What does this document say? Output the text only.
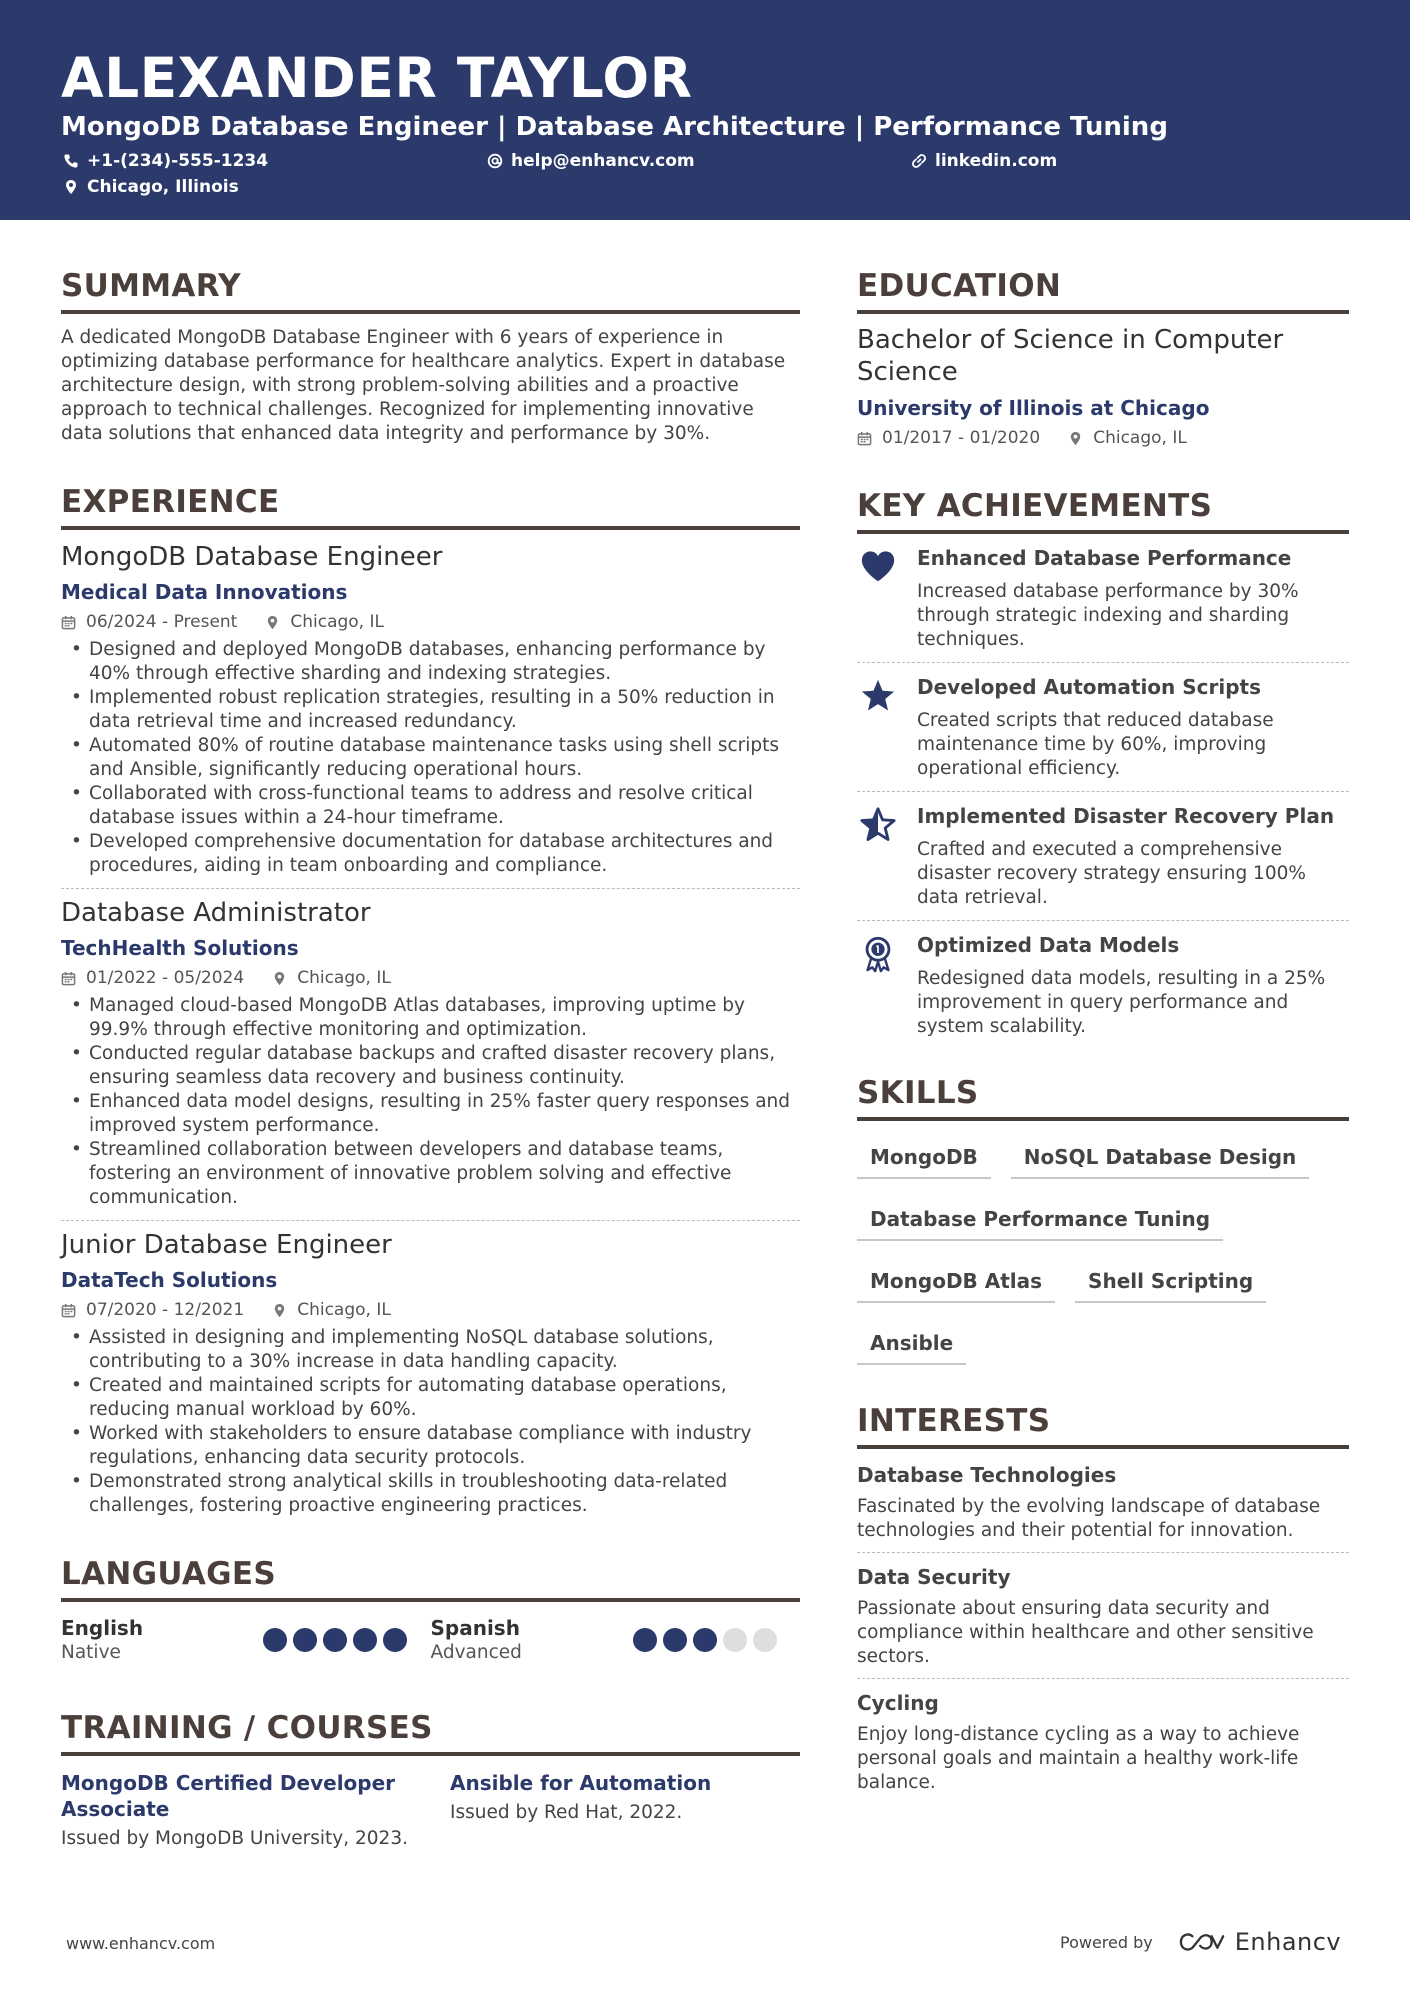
ALEXANDER TAYLOR
MongoDB Database Engineer | Database Architecture | Performance Tuning
+1-(234)-555-1234	help@enhancv.com	linkedin.com
Chicago, Illinois
SUMMARY

A dedicated MongoDB Database Engineer with 6 years of experience in optimizing database performance for healthcare analytics. Expert in database architecture design, with strong problem-solving abilities and a proactive approach to technical challenges. Recognized for implementing innovative data solutions that enhanced data integrity and performance by 30%.

EXPERIENCE
MongoDB Database Engineer
Medical Data Innovations
06/2024 - Present	Chicago, IL
• Designed and deployed MongoDB databases, enhancing performance by 40% through effective sharding and indexing strategies.
• Implemented robust replication strategies, resulting in a 50% reduction in data retrieval time and increased redundancy.
• Automated 80% of routine database maintenance tasks using shell scripts and Ansible, significantly reducing operational hours.
• Collaborated with cross-functional teams to address and resolve critical database issues within a 24-hour timeframe.
• Developed comprehensive documentation for database architectures and procedures, aiding in team onboarding and compliance.
Database Administrator
TechHealth Solutions
01/2022 - 05/2024	Chicago, IL
• Managed cloud-based MongoDB Atlas databases, improving uptime by 99.9% through effective monitoring and optimization.
• Conducted regular database backups and crafted disaster recovery plans, ensuring seamless data recovery and business continuity.
• Enhanced data model designs, resulting in 25% faster query responses and improved system performance.
• Streamlined collaboration between developers and database teams, fostering an environment of innovative problem solving and effective communication.
Junior Database Engineer
DataTech Solutions
07/2020 - 12/2021	Chicago, IL
• Assisted in designing and implementing NoSQL database solutions, contributing to a 30% increase in data handling capacity.
• Created and maintained scripts for automating database operations, reducing manual workload by 60%.
• Worked with stakeholders to ensure database compliance with industry regulations, enhancing data security protocols.
• Demonstrated strong analytical skills in troubleshooting data-related challenges, fostering proactive engineering practices.
LANGUAGES
English
Native
Spanish
Advanced
TRAINING / COURSES
MongoDB Certified Developer Associate
Issued by MongoDB University, 2023.
Ansible for Automation
Issued by Red Hat, 2022.
EDUCATION
Bachelor of Science in Computer Science
University of Illinois at Chicago
01/2017 - 01/2020	Chicago, IL
KEY ACHIEVEMENTS
Enhanced Database Performance
Increased database performance by 30% through strategic indexing and sharding techniques.
Developed Automation Scripts
Created scripts that reduced database maintenance time by 60%, improving operational efficiency.
Implemented Disaster Recovery Plan
Crafted and executed a comprehensive disaster recovery strategy ensuring 100% data retrieval.
Optimized Data Models
Redesigned data models, resulting in a 25% improvement in query performance and system scalability.
SKILLS
MongoDB	NoSQL Database Design
Database Performance Tuning
MongoDB Atlas	Shell Scripting
Ansible
INTERESTS
Database Technologies
Fascinated by the evolving landscape of database technologies and their potential for innovation.
Data Security
Passionate about ensuring data security and compliance within healthcare and other sensitive sectors.
Cycling
Enjoy long-distance cycling as a way to achieve personal goals and maintain a healthy work-life balance.
www.enhancv.com	Powered by	Enhancv
